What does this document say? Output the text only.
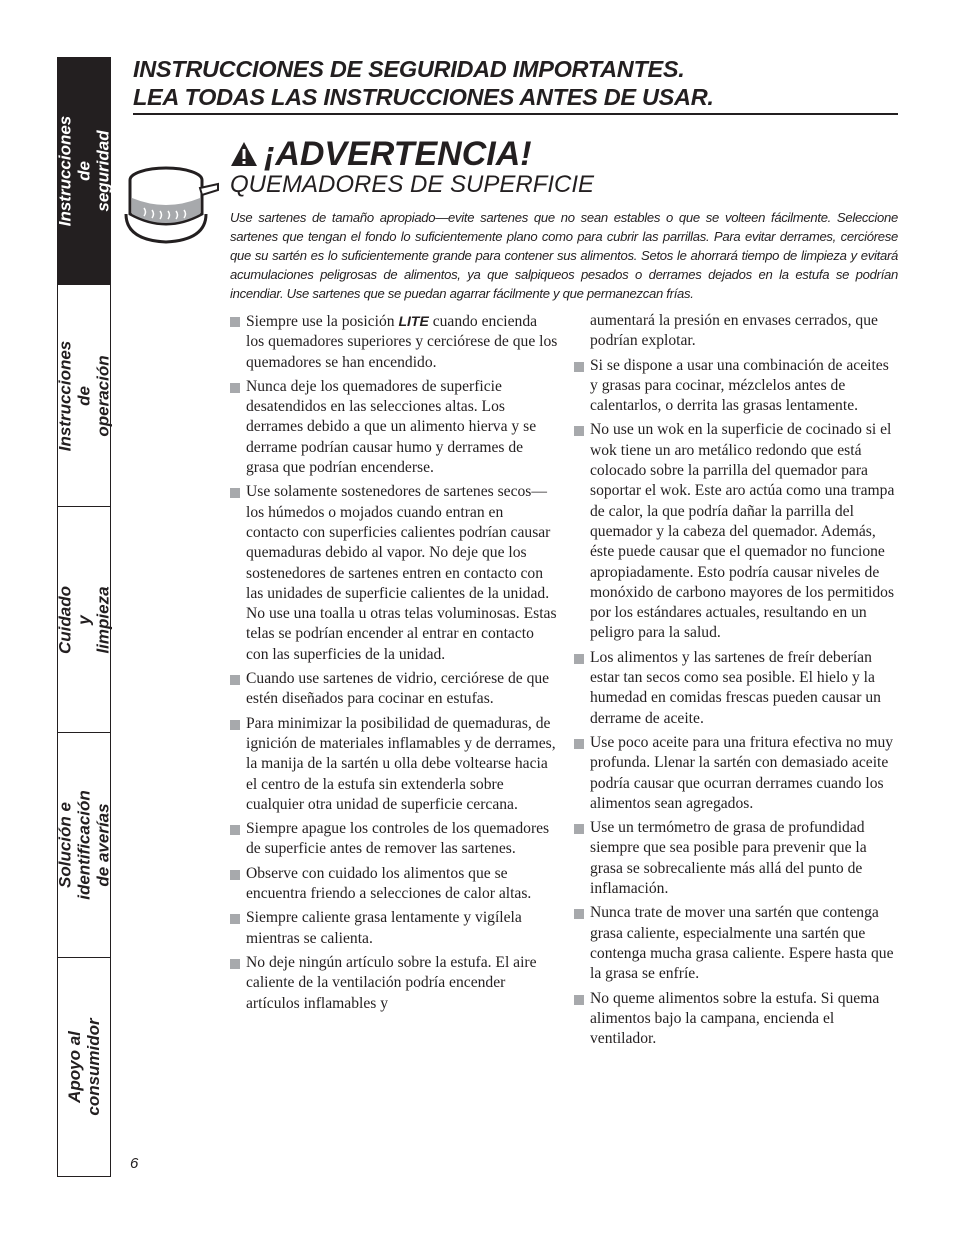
Instrucciones de
seguridad
Instrucciones de
operación
Cuidado y limpieza
Solución e identificación
de averías
Apoyo al consumidor
INSTRUCCIONES DE SEGURIDAD IMPORTANTES.
LEA TODAS LAS INSTRUCCIONES ANTES DE USAR.
¡ADVERTENCIA!
QUEMADORES DE SUPERFICIE
Use sartenes de tamaño apropiado—evite sartenes que no sean estables o que se volteen fácilmente. Seleccione sartenes que tengan el fondo lo suficientemente plano como para cubrir las parrillas. Para evitar derrames, cerciórese que su sartén es lo suficientemente grande para contener sus alimentos. Setos le ahorrará tiempo de limpieza y evitará acumulaciones peligrosas de alimentos, ya que salpiqueos pesados o derrames dejados en la estufa se podrían incendiar. Use sartenes que se puedan agarrar fácilmente y que permanezcan frías.
Siempre use la posición LITE cuando encienda los quemadores superiores y cerciórese de que los quemadores se han encendido.
Nunca deje los quemadores de superficie desatendidos en las selecciones altas. Los derrames debido a que un alimento hierva y se derrame podrían causar humo y derrames de grasa que podrían encenderse.
Use solamente sostenedores de sartenes secos—los húmedos o mojados cuando entran en contacto con superficies calientes podrían causar quemaduras debido al vapor. No deje que los sostenedores de sartenes entren en contacto con las unidades de superficie calientes de la unidad. No use una toalla u otras telas voluminosas. Estas telas se podrían encender al entrar en contacto con las superficies de la unidad.
Cuando use sartenes de vidrio, cerciórese de que estén diseñados para cocinar en estufas.
Para minimizar la posibilidad de quemaduras, de ignición de materiales inflamables y de derrames, la manija de la sartén u olla debe voltearse hacia el centro de la estufa sin extenderla sobre cualquier otra unidad de superficie cercana.
Siempre apague los controles de los quemadores de superficie antes de remover las sartenes.
Observe con cuidado los alimentos que se encuentra friendo a selecciones de calor altas.
Siempre caliente grasa lentamente y vigílela mientras se calienta.
No deje ningún artículo sobre la estufa. El aire caliente de la ventilación podría encender artículos inflamables y
aumentará la presión en envases cerrados, que podrían explotar.
Si se dispone a usar una combinación de aceites y grasas para cocinar, mézclelos antes de calentarlos, o derrita las grasas lentamente.
No use un wok en la superficie de cocinado si el wok tiene un aro metálico redondo que está colocado sobre la parrilla del quemador para soportar el wok. Este aro actúa como una trampa de calor, la que podría dañar la parrilla del quemador y la cabeza del quemador. Además, éste puede causar que el quemador no funcione apropiadamente. Esto podría causar niveles de monóxido de carbono mayores de los permitidos por los estándares actuales, resultando en un peligro para la salud.
Los alimentos y las sartenes de freír deberían estar tan secos como sea posible. El hielo y la humedad en comidas frescas pueden causar un derrame de aceite.
Use poco aceite para una fritura efectiva no muy profunda. Llenar la sartén con demasiado aceite podría causar que ocurran derrames cuando los alimentos sean agregados.
Use un termómetro de grasa de profundidad siempre que sea posible para prevenir que la grasa se sobrecaliente más allá del punto de inflamación.
Nunca trate de mover una sartén que contenga grasa caliente, especialmente una sartén que contenga mucha grasa caliente. Espere hasta que la grasa se enfríe.
No queme alimentos sobre la estufa. Si quema alimentos bajo la campana, encienda el ventilador.
6
